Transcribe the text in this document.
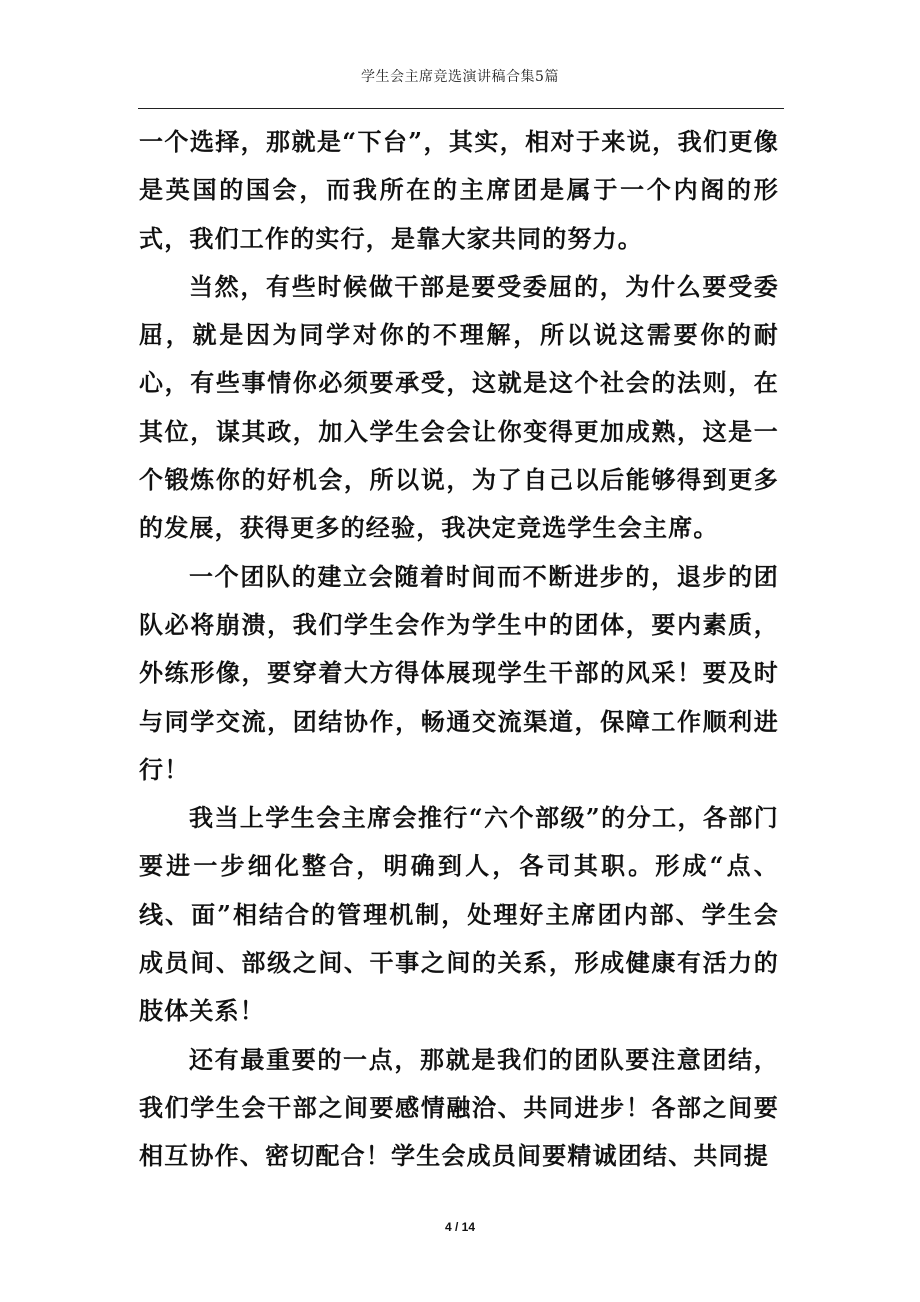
学生会主席竞选演讲稿合集5篇

一个选择，那就是“下台”，其实，相对于来说，我们更像是英国的国会，而我所在的主席团是属于一个内阁的形式，我们工作的实行，是靠大家共同的努力。

当然，有些时候做干部是要受委屈的，为什么要受委屈，就是因为同学对你的不理解，所以说这需要你的耐心，有些事情你必须要承受，这就是这个社会的法则，在其位，谋其政，加入学生会会让你变得更加成熟，这是一个锻炼你的好机会，所以说，为了自己以后能够得到更多的发展，获得更多的经验，我决定竞选学生会主席。

一个团队的建立会随着时间而不断进步的，退步的团队必将崩溃，我们学生会作为学生中的团体，要内素质，外练形像，要穿着大方得体展现学生干部的风采！要及时与同学交流，团结协作，畅通交流渠道，保障工作顺利进行！

我当上学生会主席会推行“六个部级”的分工，各部门要进一步细化整合，明确到人，各司其职。形成“点、线、面”相结合的管理机制，处理好主席团内部、学生会成员间、部级之间、干事之间的关系，形成健康有活力的肢体关系！

还有最重要的一点，那就是我们的团队要注意团结，我们学生会干部之间要感情融洽、共同进步！各部之间要相互协作、密切配合！学生会成员间要精诚团结、共同提

4 / 14
